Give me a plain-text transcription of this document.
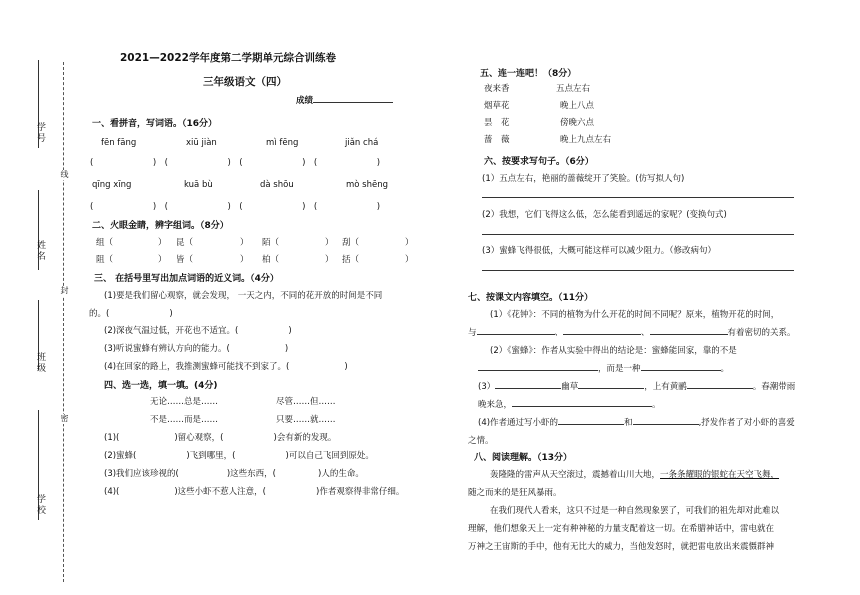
学号
姓名
班级
学校
线
封
密
2021—2022学年度第二学期单元综合训练卷
三年级语文（四）
成绩
一、看拼音，写词语。（16分）
fēn fāng	xiū jiàn	mì fēng	jiǎn chá
(　　　　　　　)　(　　　　　　　)　(　　　　　　　)　(　　　　　　　)
qīng xīng	kuā bù	dà shōu	mò shēng
(　　　　　　　)　(　　　　　　　)　(　　　　　　　)　(　　　　　　　)
二、火眼金睛，辨字组词。（8分）
组（	） 昆（	） 陌（	） 刮（	）
阻（	） 皆（	） 柏（	） 括（	）
三、 在括号里写出加点词语的近义词。（4分）
(1)要是我们留心观察，就会发现， 一天之内，不同的花开放的时间是不同
的。(	)
(2)深夜气温过低，开花也不适宜。(	)
(3)听说蜜蜂有辨认方向的能力。(	)
(4)在回家的路上，我推测蜜蜂可能找不到家了。(	)
四、选一选，填一填。(4分)
无论……总是……	尽管……但……
不是……而是……	只要……就……
(1)(	)留心观察，(	)会有新的发现。
(2)蜜蜂(	)飞到哪里，(	)可以自己飞回到原处。
(3)我们应该珍视的(	)这些东西，(	)人的生命。
(4)(	)这些小虾不惹人注意，(	)作者观察得非常仔细。
五、连一连吧！（8分）
夜来香	五点左右
烟草花	晚上八点
昙　花	傍晚六点
蔷　薇	晚上九点左右
六、按要求写句子。（6分）
(1）五点左右，艳丽的蔷薇绽开了笑脸。(仿写拟人句)
(2）我想，它们飞得这么低，怎么能看到遥远的家呢？(变换句式)
(3）蜜蜂飞得很低，大概可能这样可以减少阻力。（修改病句）
七、按课文内容填空。（11分）
(1）《花钟》：不同的植物为什么开花的时间不同呢？原来，植物开花的时间，
与	、	、	有着密切的关系。
(2）《蜜蜂》：作者从实验中得出的结论是：蜜蜂能回家，靠的不是
，而是一种	。
(3）	幽草	，上有黄鹂	。春潮带雨
晚来急，	。
(4)作者通过写小虾的	和	,抒发作者了对小虾的喜爱
之情。
八、阅读理解。（13分）
轰隆隆的雷声从天空滚过，震撼着山川大地，一条条耀眼的银蛇在天空飞舞，
随之而来的是狂风暴雨。
在我们现代人看来，这只不过是一种自然现象罢了，可我们的祖先却对此难以
理解，他们想象天上一定有种神秘的力量支配着这一切。在希腊神话中，雷电就在
万神之王宙斯的手中，他有无比大的威力，当他发怒时，就把雷电放出来震慑群神
